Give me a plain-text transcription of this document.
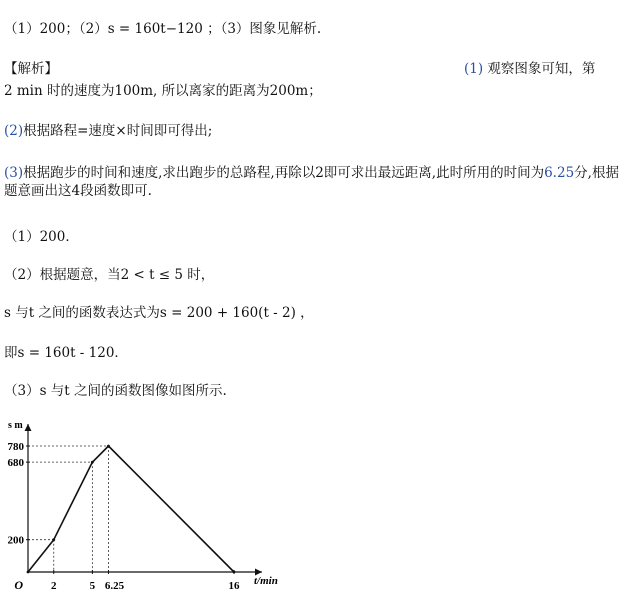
（1）200；（2）s = 160t−120 ；（3）图象见解析.
【解析】	(1) 观察图象可知，第
2 min 时的速度为100m, 所以离家的距离为200m；
(2)根据路程=速度×时间即可得出;
(3)根据跑步的时间和速度,求出跑步的总路程,再除以2即可求出最远距离,此时所用的时间为6.25分,根据题意画出这4段函数即可.
（1）200．
（2）根据题意，当2 < t ≤ 5 时，
s 与t 之间的函数表达式为s = 200 + 160(t - 2) ，
即s = 160t - 120．
（3）s 与t 之间的函数图像如图所示.
2	5 6.25	16
200
680
780
O	t/min
s m
